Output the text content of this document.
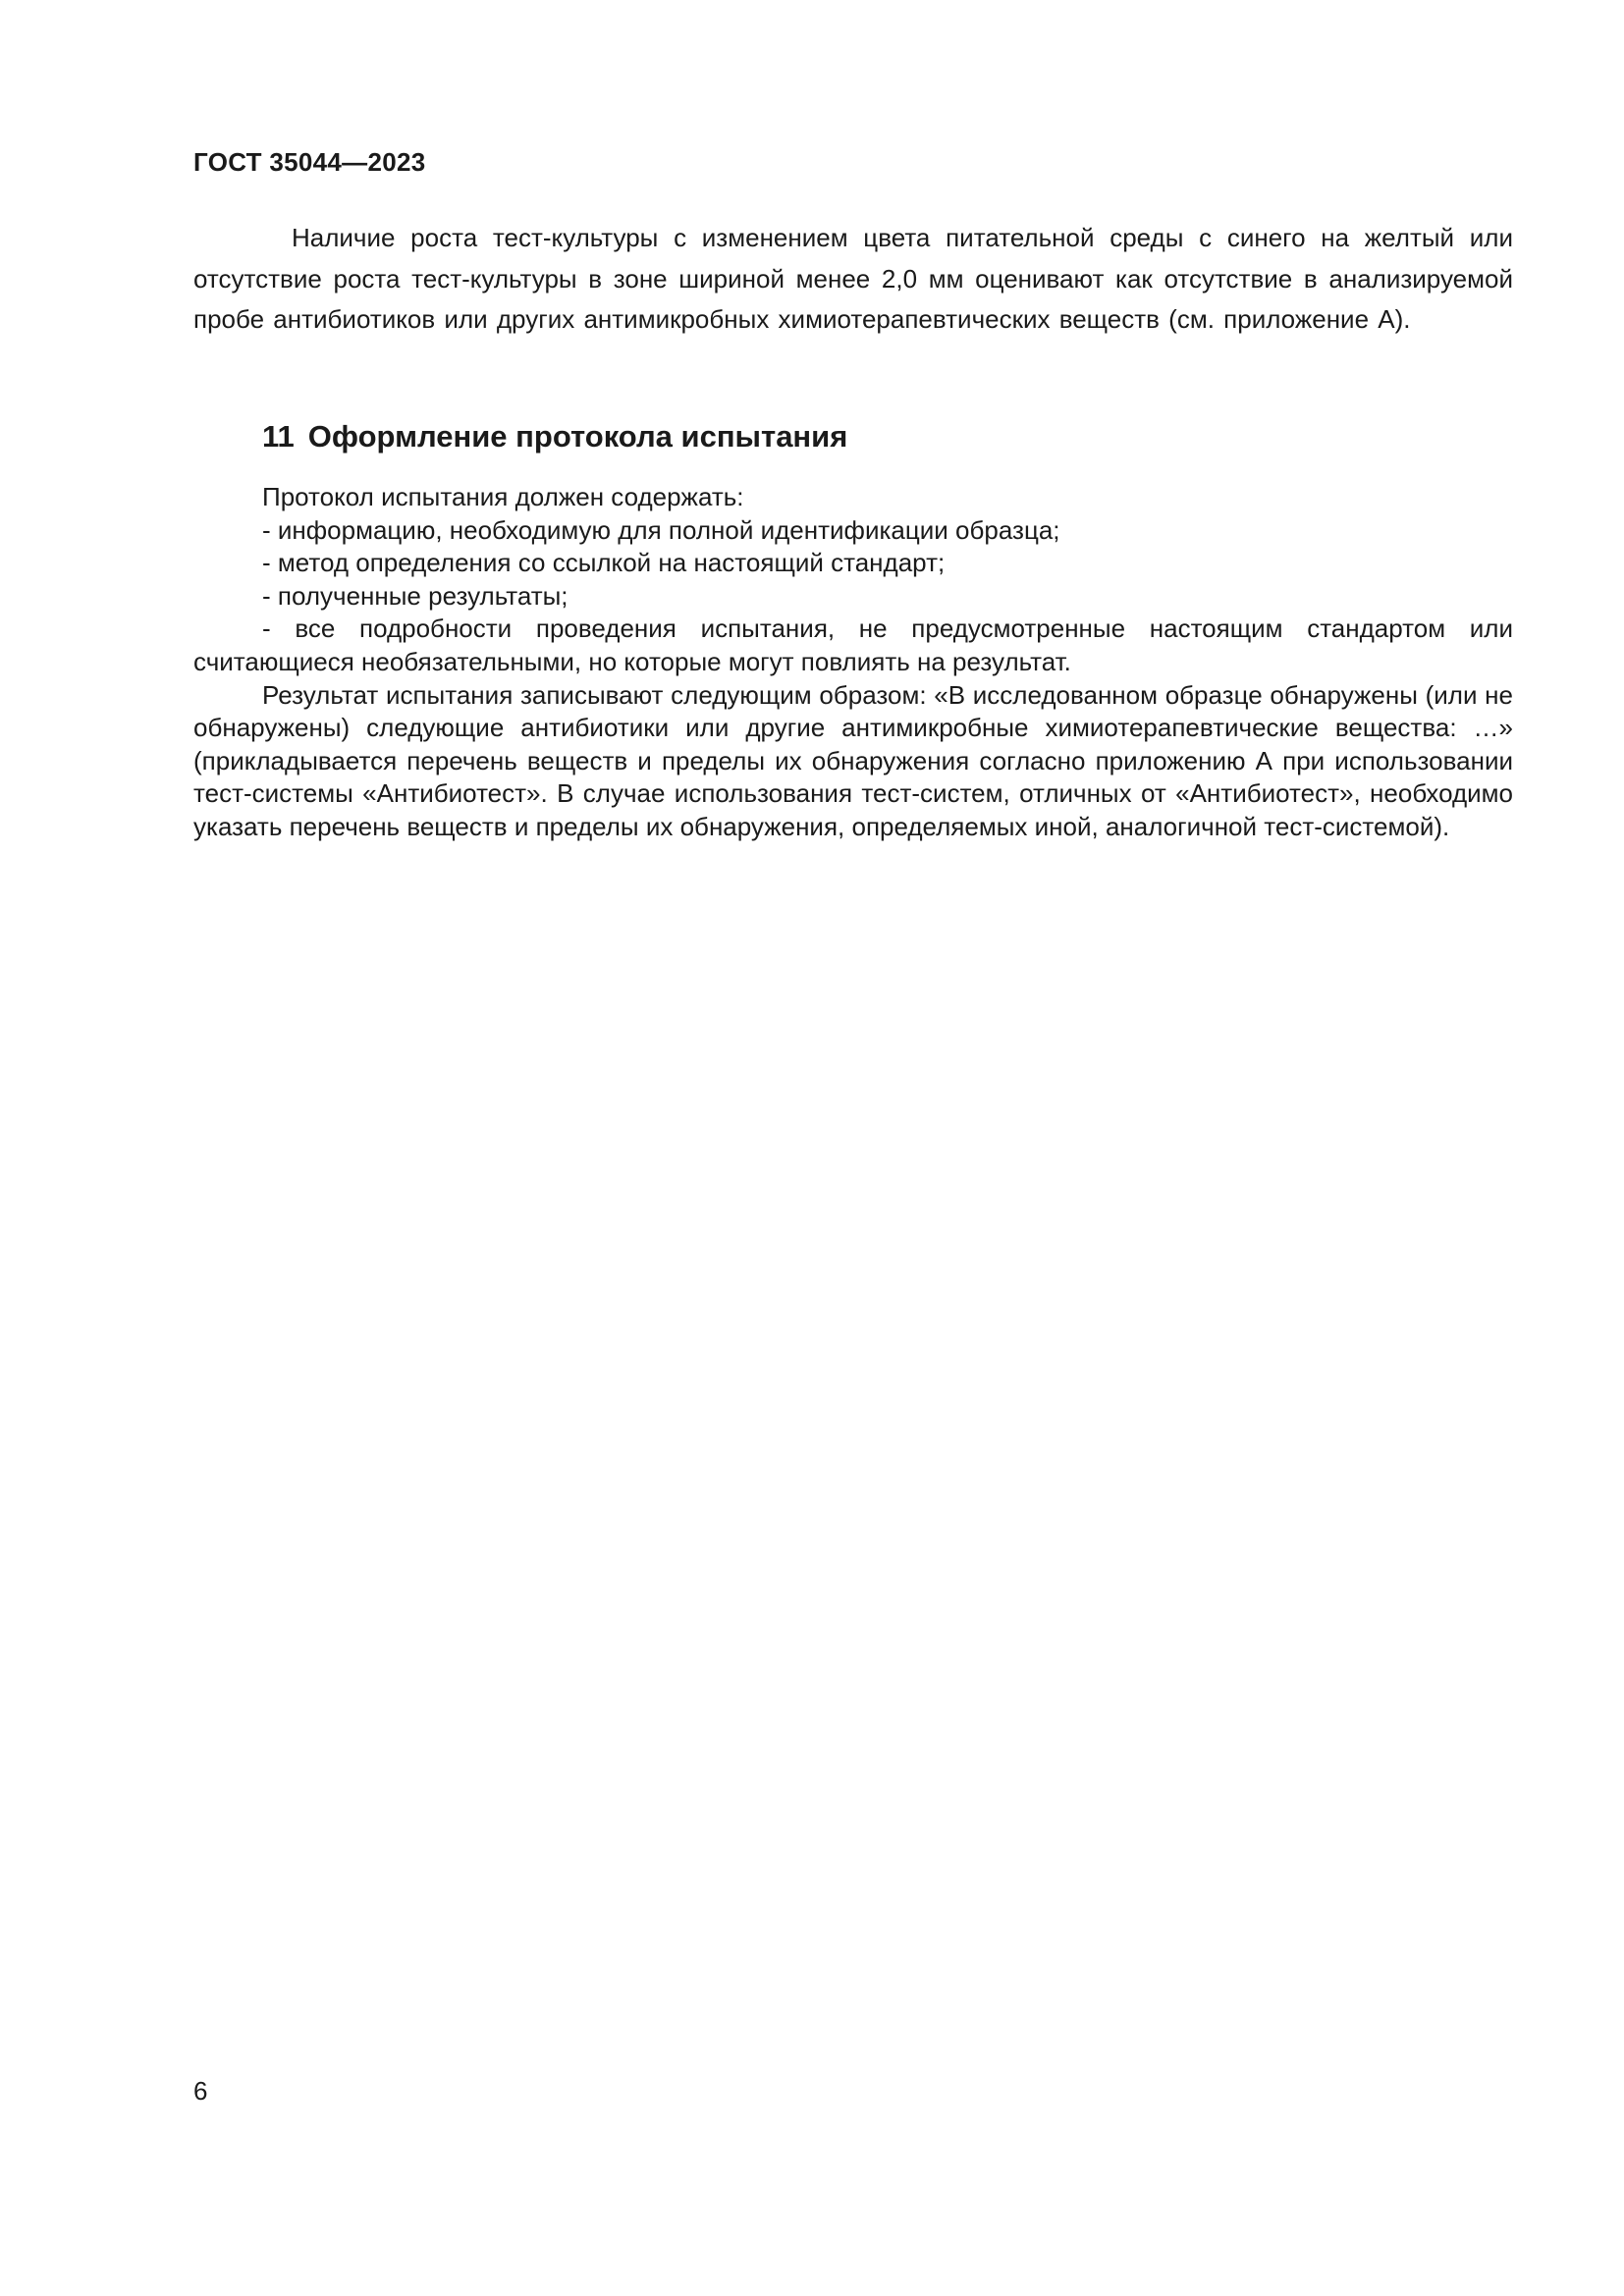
ГОСТ 35044—2023
Наличие роста тест-культуры с изменением цвета питательной среды с синего на желтый или отсутствие роста тест-культуры в зоне шириной менее 2,0 мм оценивают как отсутствие в анализируемой пробе антибиотиков или других антимикробных химиотерапевтических веществ (см. приложение А).
11 Оформление протокола испытания

Протокол испытания должен содержать:

- информацию, необходимую для полной идентификации образца;

- метод определения со ссылкой на настоящий стандарт;

- полученные результаты;

- все подробности проведения испытания, не предусмотренные настоящим стандартом или считающиеся необязательными, но которые могут повлиять на результат.

Результат испытания записывают следующим образом: «В исследованном образце обнаружены (или не обнаружены) следующие антибиотики или другие антимикробные химиотерапевтические вещества: …» (прикладывается перечень веществ и пределы их обнаружения согласно приложению А при использовании тест-системы «Антибиотест». В случае использования тест-систем, отличных от «Антибиотест», необходимо указать перечень веществ и пределы их обнаружения, определяемых иной, аналогичной тест-системой).

6
